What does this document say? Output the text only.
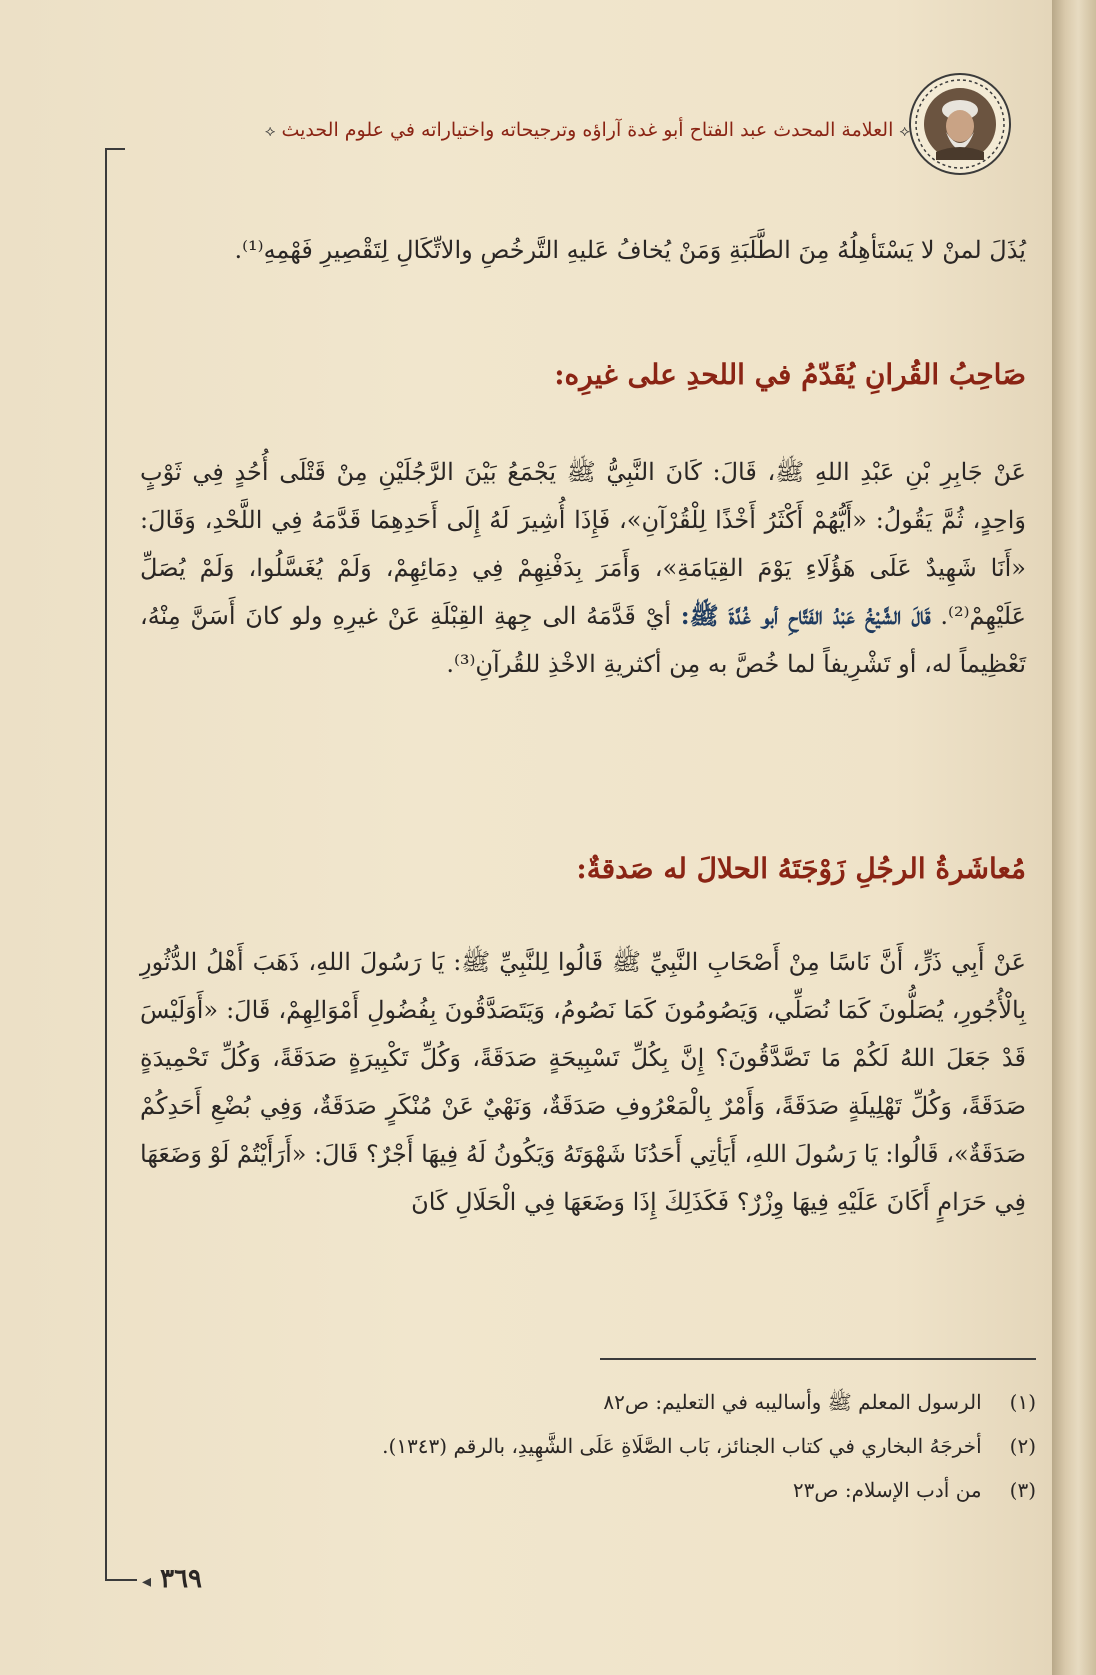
⟡ العلامة المحدث عبد الفتاح أبو غدة آراؤه وترجيحاته واختياراته في علوم الحديث ⟡
يُذَلَ لمنْ لا يَسْتَأهِلُهُ مِنَ الطَّلَبَةِ وَمَنْ يُخافُ عَليهِ التَّرخُصِ والاتِّكَالِ لِتَقْصِيرِ فَهْمِهِ⁽¹⁾.
صَاحِبُ القُرانِ يُقَدّمُ في اللحدِ على غيرِه:
عَنْ جَابِرِ بْنِ عَبْدِ اللهِ ﷺ، قَالَ: كَانَ النَّبِيُّ ﷺ يَجْمَعُ بَيْنَ الرَّجُلَيْنِ مِنْ قَتْلَى أُحُدٍ فِي ثَوْبٍ وَاحِدٍ، ثُمَّ يَقُولُ: «أَيُّهُمْ أَكْثَرُ أَخْذًا لِلْقُرْآنِ»، فَإِذَا أُشِيرَ لَهُ إِلَى أَحَدِهِمَا قَدَّمَهُ فِي اللَّحْدِ، وَقَالَ: «أَنَا شَهِيدٌ عَلَى هَؤُلَاءِ يَوْمَ القِيَامَةِ»، وَأَمَرَ بِدَفْنِهِمْ فِي دِمَائِهِمْ، وَلَمْ يُغَسَّلُوا، وَلَمْ يُصَلِّ عَلَيْهِمْ⁽²⁾. قَالَ الشَّيْخُ عَبْدُ الفَتَّاحِ أبو غُدَّةَ ﷺ: أيْ قَدَّمَهُ الى جِهةِ القِبْلَةِ عَنْ غيرِهِ ولو كانَ أَسَنَّ مِنْهُ، تَعْظِيماً له، أو تَشْرِيفاً لما خُصَّ به مِن أكثريةِ الاخْذِ للقُرآنِ⁽³⁾.
مُعاشَرةُ الرجُلِ زَوْجَتَهُ الحلالَ له صَدقةٌ:
عَنْ أَبِي ذَرٍّ، أَنَّ نَاسًا مِنْ أَصْحَابِ النَّبِيِّ ﷺ قَالُوا لِلنَّبِيِّ ﷺ: يَا رَسُولَ اللهِ، ذَهَبَ أَهْلُ الدُّثُورِ بِالْأُجُورِ، يُصَلُّونَ كَمَا نُصَلِّي، وَيَصُومُونَ كَمَا نَصُومُ، وَيَتَصَدَّقُونَ بِفُضُولِ أَمْوَالِهِمْ، قَالَ: «أَوَلَيْسَ قَدْ جَعَلَ اللهُ لَكُمْ مَا تَصَّدَّقُونَ؟ إِنَّ بِكُلِّ تَسْبِيحَةٍ صَدَقَةً، وَكُلِّ تَكْبِيرَةٍ صَدَقَةً، وَكُلِّ تَحْمِيدَةٍ صَدَقَةً، وَكُلِّ تَهْلِيلَةٍ صَدَقَةً، وَأَمْرٌ بِالْمَعْرُوفِ صَدَقَةٌ، وَنَهْيٌ عَنْ مُنْكَرٍ صَدَقَةٌ، وَفِي بُضْعِ أَحَدِكُمْ صَدَقَةٌ»، قَالُوا: يَا رَسُولَ اللهِ، أَيَأتِي أَحَدُنَا شَهْوَتَهُ وَيَكُونُ لَهُ فِيهَا أَجْرٌ؟ قَالَ: «أَرَأَيْتُمْ لَوْ وَضَعَهَا فِي حَرَامٍ أَكَانَ عَلَيْهِ فِيهَا وِزْرٌ؟ فَكَذَلِكَ إِذَا وَضَعَهَا فِي الْحَلَالِ كَانَ
(١) الرسول المعلم ﷺ وأساليبه في التعليم: ص٨٢
(٢) أخرجَهُ البخاري في كتاب الجنائز، بَاب الصَّلَاةِ عَلَى الشَّهِيدِ، بالرقم (١٣٤٣).
(٣) من أدب الإسلام: ص٢٣
◂ ٣٦٩
